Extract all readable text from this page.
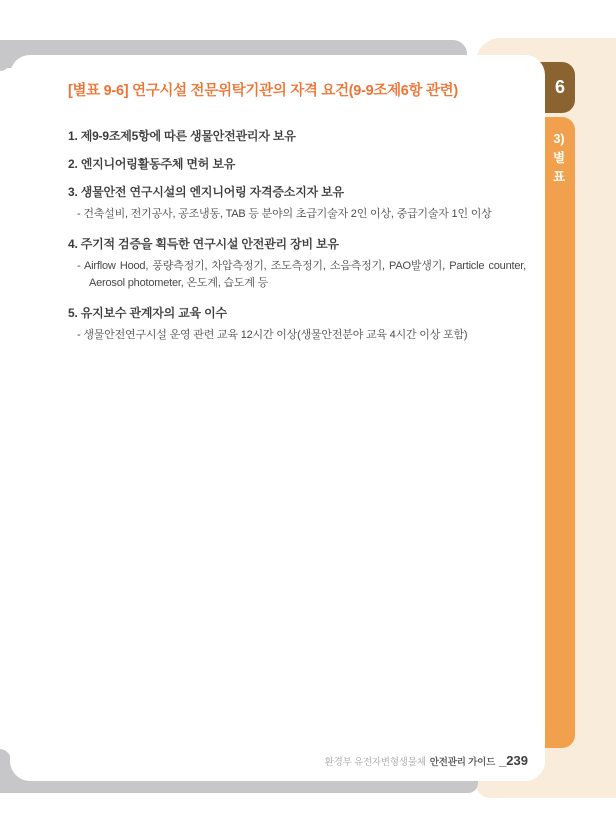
6
3)
별
표
[별표 9-6] 연구시설 전문위탁기관의 자격 요건(9-9조제6항 관련)
1. 제9-9조제5항에 따른 생물안전관리자 보유
2. 엔지니어링활동주체 면허 보유
3. 생물안전 연구시설의 엔지니어링 자격증소지자 보유
- 건축설비, 전기공사, 공조냉동, TAB 등 분야의 초급기술자 2인 이상, 중급기술자 1인 이상
4. 주기적 검증을 획득한 연구시설 안전관리 장비 보유
- Airflow Hood, 풍량측정기, 차압측정기, 조도측정기, 소음측정기, PAO발생기, Particle counter, Aerosol photometer, 온도계, 습도계 등
5. 유지보수 관계자의 교육 이수
- 생물안전연구시설 운영 관련 교육 12시간 이상(생물안전분야 교육 4시간 이상 포함)
환경부 유전자변형생물체 안전관리 가이드 _239
